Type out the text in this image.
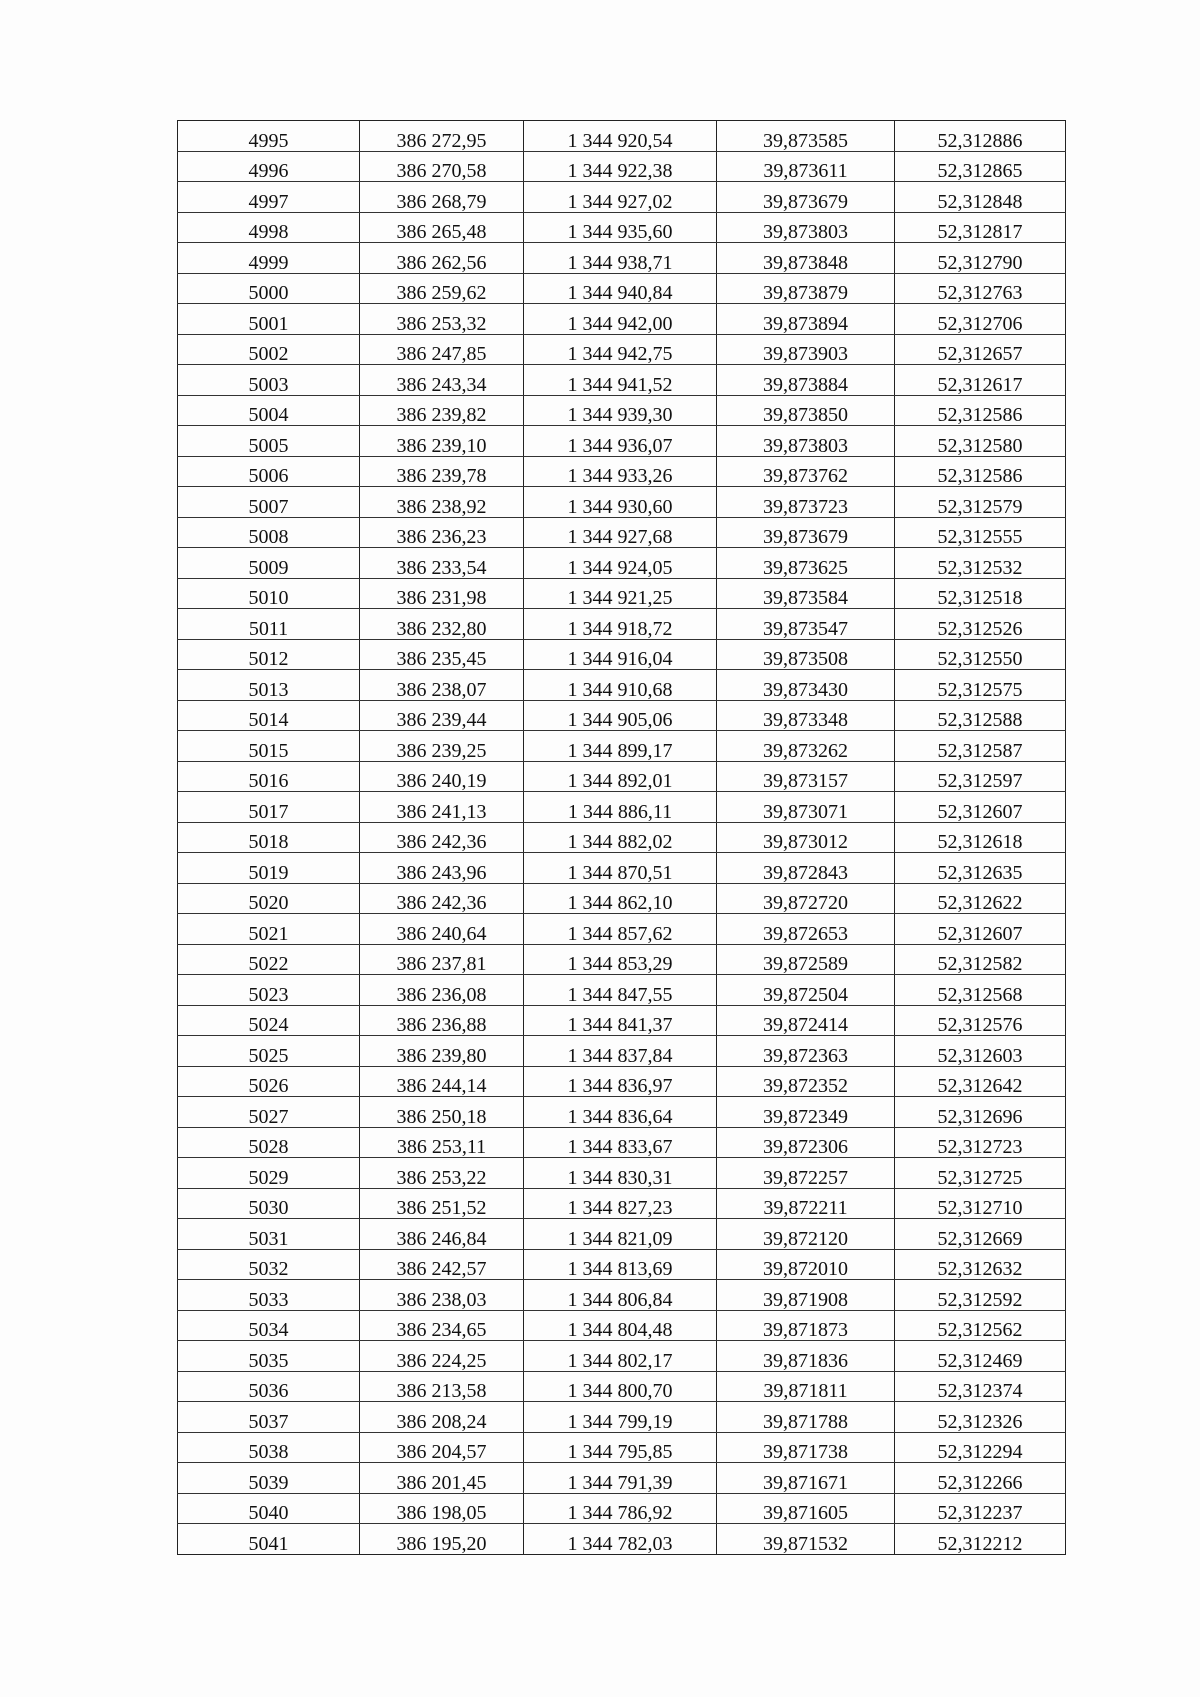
4995	386 272,95	1 344 920,54	39,873585	52,312886
4996	386 270,58	1 344 922,38	39,873611	52,312865
4997	386 268,79	1 344 927,02	39,873679	52,312848
4998	386 265,48	1 344 935,60	39,873803	52,312817
4999	386 262,56	1 344 938,71	39,873848	52,312790
5000	386 259,62	1 344 940,84	39,873879	52,312763
5001	386 253,32	1 344 942,00	39,873894	52,312706
5002	386 247,85	1 344 942,75	39,873903	52,312657
5003	386 243,34	1 344 941,52	39,873884	52,312617
5004	386 239,82	1 344 939,30	39,873850	52,312586
5005	386 239,10	1 344 936,07	39,873803	52,312580
5006	386 239,78	1 344 933,26	39,873762	52,312586
5007	386 238,92	1 344 930,60	39,873723	52,312579
5008	386 236,23	1 344 927,68	39,873679	52,312555
5009	386 233,54	1 344 924,05	39,873625	52,312532
5010	386 231,98	1 344 921,25	39,873584	52,312518
5011	386 232,80	1 344 918,72	39,873547	52,312526
5012	386 235,45	1 344 916,04	39,873508	52,312550
5013	386 238,07	1 344 910,68	39,873430	52,312575
5014	386 239,44	1 344 905,06	39,873348	52,312588
5015	386 239,25	1 344 899,17	39,873262	52,312587
5016	386 240,19	1 344 892,01	39,873157	52,312597
5017	386 241,13	1 344 886,11	39,873071	52,312607
5018	386 242,36	1 344 882,02	39,873012	52,312618
5019	386 243,96	1 344 870,51	39,872843	52,312635
5020	386 242,36	1 344 862,10	39,872720	52,312622
5021	386 240,64	1 344 857,62	39,872653	52,312607
5022	386 237,81	1 344 853,29	39,872589	52,312582
5023	386 236,08	1 344 847,55	39,872504	52,312568
5024	386 236,88	1 344 841,37	39,872414	52,312576
5025	386 239,80	1 344 837,84	39,872363	52,312603
5026	386 244,14	1 344 836,97	39,872352	52,312642
5027	386 250,18	1 344 836,64	39,872349	52,312696
5028	386 253,11	1 344 833,67	39,872306	52,312723
5029	386 253,22	1 344 830,31	39,872257	52,312725
5030	386 251,52	1 344 827,23	39,872211	52,312710
5031	386 246,84	1 344 821,09	39,872120	52,312669
5032	386 242,57	1 344 813,69	39,872010	52,312632
5033	386 238,03	1 344 806,84	39,871908	52,312592
5034	386 234,65	1 344 804,48	39,871873	52,312562
5035	386 224,25	1 344 802,17	39,871836	52,312469
5036	386 213,58	1 344 800,70	39,871811	52,312374
5037	386 208,24	1 344 799,19	39,871788	52,312326
5038	386 204,57	1 344 795,85	39,871738	52,312294
5039	386 201,45	1 344 791,39	39,871671	52,312266
5040	386 198,05	1 344 786,92	39,871605	52,312237
5041	386 195,20	1 344 782,03	39,871532	52,312212
